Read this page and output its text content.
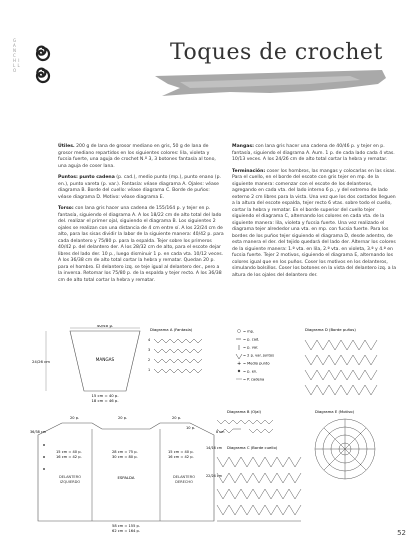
G A N C H I L L O
Toques de crochet

Útiles. 200 g de lana de grosor mediano en gris, 50 g de lana de grosor mediano repartidos en los siguientes colores: lila, violeta y fucsia fuerte, una aguja de crochet N.º 3, 3 botones fantasía al tono, una aguja de coser lana.

Puntos: punto cadena (p. cad.), medio punto (mp.), punto enano (p. en.), punto vareta (p. var.). Fantasía: véase diagrama A. Ojales: véase diagrama B. Borde del cuello: véase diagrama C. Borde de puños: véase diagrama D. Motivo: véase diagrama E.

Torso: con lana gris hacer una cadena de 155/164 p. y tejer en p. fantasía, siguiendo el diagrama A. A los 18/22 cm de alto total del lado del. realizar el primer ojal, siguiendo el diagrama B. Los siguientes 2 ojales se realizan con una distancia de 4 cm entre sí. A los 22/24 cm de alto, para las sisas dividir la labor de la siguiente manera: 40/42 p. para cada delantero y 75/80 p. para la espalda. Tejer sobre los primeros 40/42 p. del delantero der. A los 28/32 cm de alto, para el escote dejar libres del lado der. 10 p., luego disminuir 1 p. en cada vta. 10/12 veces. A los 36/38 cm de alto total cortar la hebra y rematar. Quedan 20 p. para el hombro. El delantero izq. se teje igual al delantero der., pero a la inversa. Retomar los 75/80 p. de la espalda y tejer recto. A los 36/38 cm de alto total cortar la hebra y rematar.

Mangas: con lana gris hacer una cadena de 40/46 p. y tejer en p. fantasía, siguiendo el diagrama A. Aum. 1 p. de cada lado cada 4 vtas. 10/13 veces. A los 24/26 cm de alto total cortar la hebra y rematar.

Terminación: coser los hombros, las mangas y colocarlas en las sisas. Para el cuello, en el borde del escote con gris tejer en mp. de la siguiente manera: comenzar con el escote de los delanteros, agregando en cada vta. del lado interno 6 p., y del extremo de lado externo 2 cm libres para la vista. Una vez que los dos costados lleguen a la altura del escote espalda, tejer recto 6 vtas. sobre todo el cuello, cortar la hebra y rematar. En el borde superior del cuello tejer siguiendo el diagrama C, alternando los colores en cada vta. de la siguiente manera: lila, violeta y fucsia fuerte. Una vez realizado el diagrama tejer alrededor una vta. en mp. con fucsia fuerte. Para los bordes de los puños tejer siguiendo el diagrama D, desde adentro, de esta manera el der. del tejido quedará del lado der. Alternar los colores de la siguiente manera: 1.ª vta. en lila, 2.ª vta. en violeta, 3.ª y 4.ª en fucsia fuerte. Tejer 2 motivos, siguiendo el diagrama E, alternando los colores igual que en los puños. Coser los motivos en los delanteros, simulando bolsillos. Coser los botones en la vista del delantero izq. a la altura de los ojales del delantero der.

40/46 p.
MANGAS
24/26 cm
15 cm = 40 p.
18 cm = 46 p.
20 p.	20 p.	20 p.
10 p.
36/38 cm	8 cm
14/16 cm
22/24 cm
15 cm = 40 p.
16 cm = 42 p.
28 cm = 75 p.
30 cm = 80 p.
15 cm = 40 p.
16 cm = 42 p.
DELANTERO IZQUIERDO
ESPALDA	DELANTERO DERECHO
58 cm = 155 p.
62 cm = 164 p.
Diagrama A (Fantasía)
4
3
2
1
= mp.
= p. cad.
= p. var.
= 2 p. var. juntos
+ = Medio punto
= p. en.
= P. cadena
Diagrama D (Borde puños)
Diagrama B (Ojal)	Diagrama E (Motivo)
Diagrama C (Borde cuello)
52
